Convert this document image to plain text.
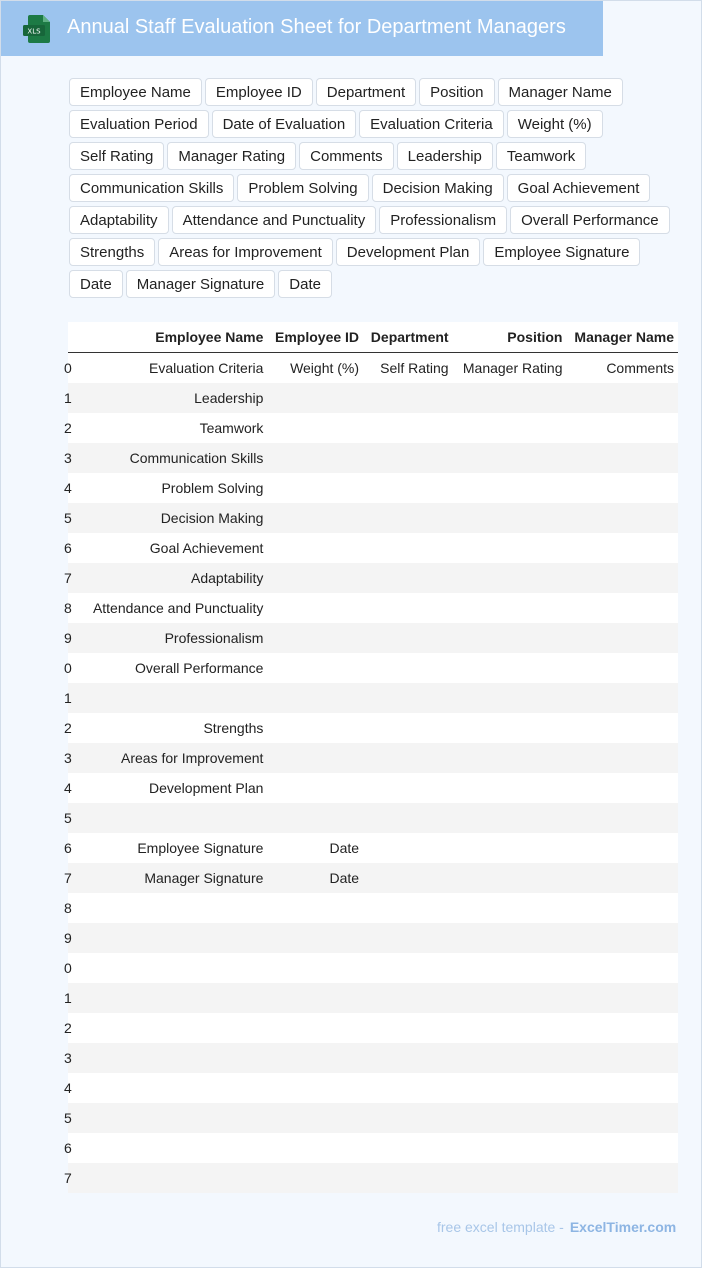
XLS Annual Staff Evaluation Sheet for Department Managers
Employee Name	Employee ID	Department	Position	Manager Name
Evaluation Period	Date of Evaluation	Evaluation Criteria	Weight (%)
Self Rating	Manager Rating	Comments	Leadership	Teamwork
Communication Skills	Problem Solving	Decision Making	Goal Achievement
Adaptability	Attendance and Punctuality	Professionalism	Overall Performance
Strengths	Areas for Improvement	Development Plan	Employee Signature
Date	Manager Signature	Date
	Employee Name	Employee ID	Department	Position	Manager Name

0	Evaluation Criteria	Weight (%)	Self Rating	Manager Rating	Comments

1	Leadership				

2	Teamwork				

3	Communication Skills				

4	Problem Solving				

5	Decision Making				

6	Goal Achievement				

7	Adaptability				

8	Attendance and Punctuality				

9	Professionalism				

0	Overall Performance				

1					

2	Strengths				

3	Areas for Improvement				

4	Development Plan				

5					

6	Employee Signature	Date			

7	Manager Signature	Date			

8					

9					

0					

1					

2					

3					

4					

5					

6					

7					

free excel template - ExcelTimer.com
